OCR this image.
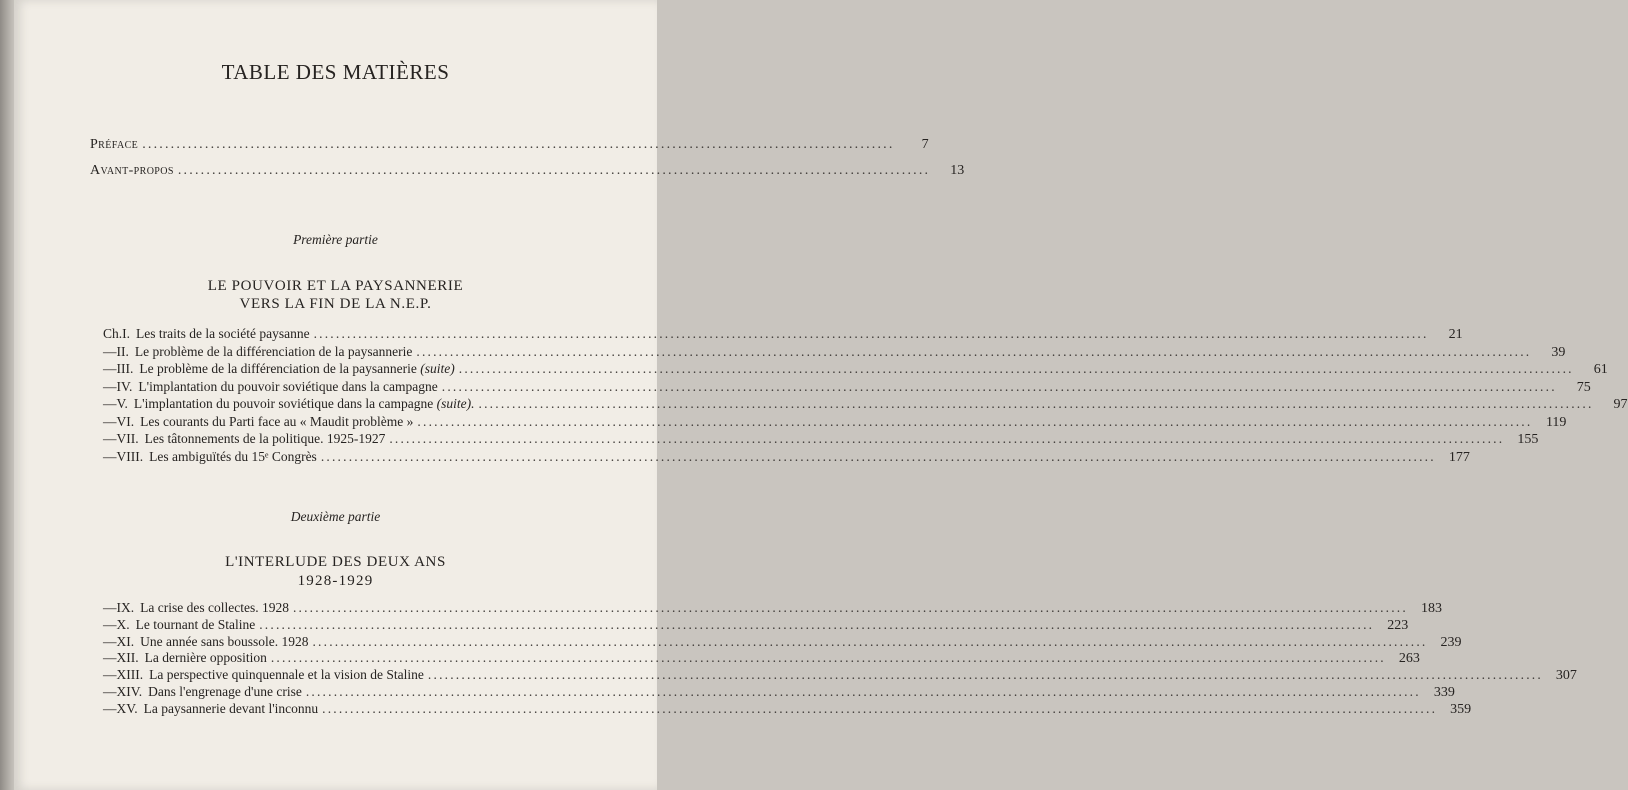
TABLE DES MATIÈRES
Préface ....................................................................................................................................	7
Avant-propos ....................................................................................................................................	13
Première partie
LE POUVOIR ET LA PAYSANNERIE
VERS LA FIN DE LA N.E.P.
Ch. I. Les traits de la société paysanne ........................................................................................................................................................................................................	21
— II. Le problème de la différenciation de la paysannerie ........................................................................................................................................................................................................	39
— III. Le problème de la différenciation de la paysannerie (suite) ........................................................................................................................................................................................................	61
— IV. L'implantation du pouvoir soviétique dans la campagne ........................................................................................................................................................................................................	75
— V. L'implantation du pouvoir soviétique dans la campagne (suite). ........................................................................................................................................................................................................	97
— VI. Les courants du Parti face au « Maudit problème » ........................................................................................................................................................................................................ 119
— VII. Les tâtonnements de la politique. 1925-1927 ........................................................................................................................................................................................................ 155
— VIII. Les ambiguïtés du 15ᵉ Congrès ........................................................................................................................................................................................................ 177
Deuxième partie
L'INTERLUDE DES DEUX ANS
1928-1929
— IX. La crise des collectes. 1928 ........................................................................................................................................................................................................ 183
— X. Le tournant de Staline ........................................................................................................................................................................................................ 223
— XI. Une année sans boussole. 1928 ........................................................................................................................................................................................................ 239
— XII. La dernière opposition ........................................................................................................................................................................................................ 263
— XIII. La perspective quinquennale et la vision de Staline ........................................................................................................................................................................................................ 307
— XIV. Dans l'engrenage d'une crise ........................................................................................................................................................................................................ 339
— XV. La paysannerie devant l'inconnu ........................................................................................................................................................................................................ 359
